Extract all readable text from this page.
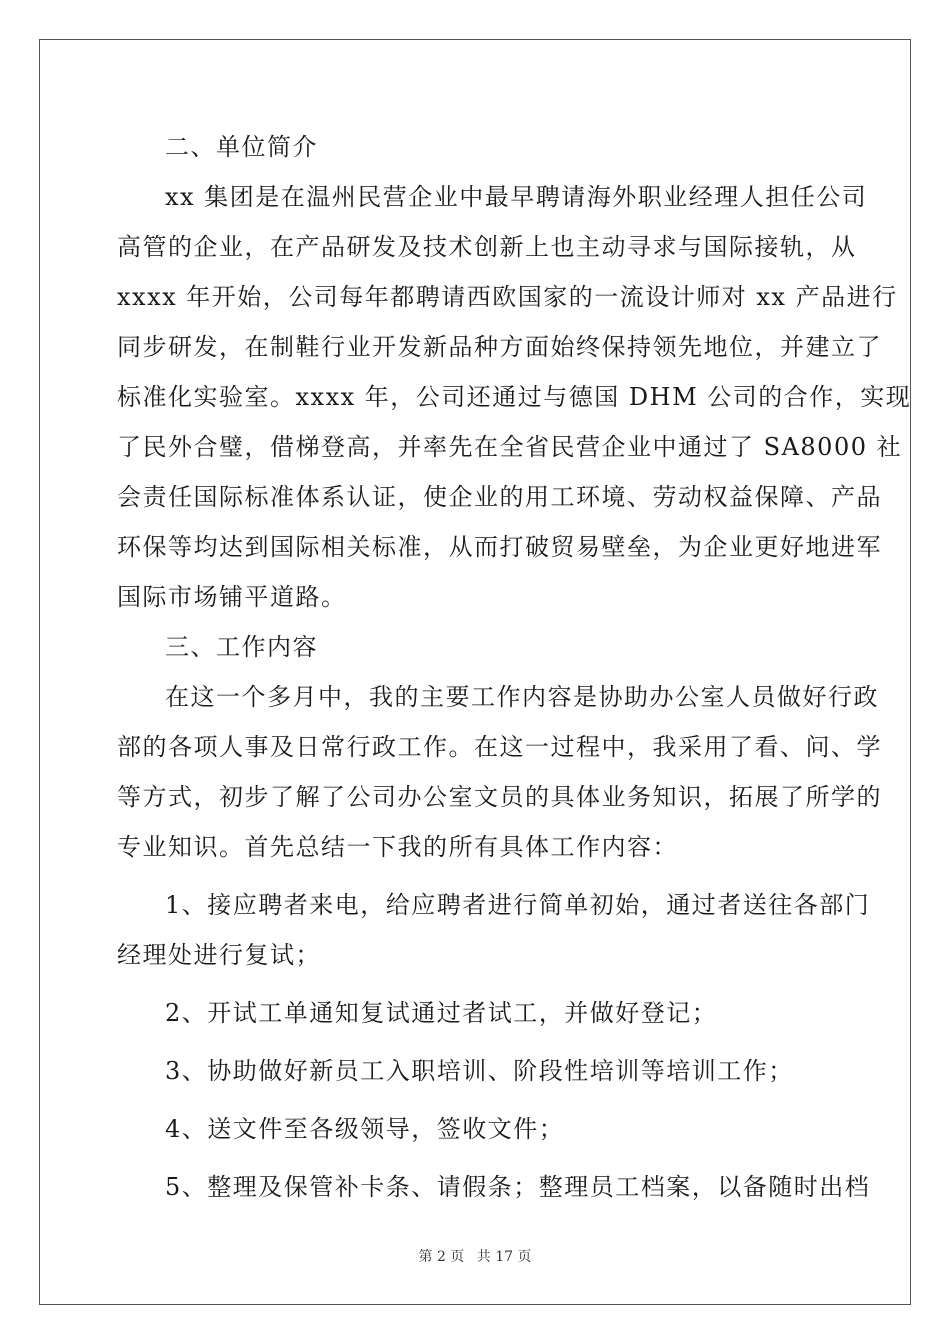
二、单位简介
xx 集团是在温州民营企业中最早聘请海外职业经理人担任公司
高管的企业，在产品研发及技术创新上也主动寻求与国际接轨，从
xxxx 年开始，公司每年都聘请西欧国家的一流设计师对 xx 产品进行
同步研发，在制鞋行业开发新品种方面始终保持领先地位，并建立了
标准化实验室。xxxx 年，公司还通过与德国 DHM 公司的合作，实现
了民外合璧，借梯登高，并率先在全省民营企业中通过了 SA8000 社
会责任国际标准体系认证，使企业的用工环境、劳动权益保障、产品
环保等均达到国际相关标准，从而打破贸易壁垒，为企业更好地进军
国际市场铺平道路。
三、工作内容
在这一个多月中，我的主要工作内容是协助办公室人员做好行政
部的各项人事及日常行政工作。在这一过程中，我采用了看、问、学
等方式，初步了解了公司办公室文员的具体业务知识，拓展了所学的
专业知识。首先总结一下我的所有具体工作内容：
1、接应聘者来电，给应聘者进行简单初始，通过者送往各部门
经理处进行复试；
2、开试工单通知复试通过者试工，并做好登记；
3、协助做好新员工入职培训、阶段性培训等培训工作；
4、送文件至各级领导，签收文件；
5、整理及保管补卡条、请假条；整理员工档案，以备随时出档
第 2 页 共 17 页
